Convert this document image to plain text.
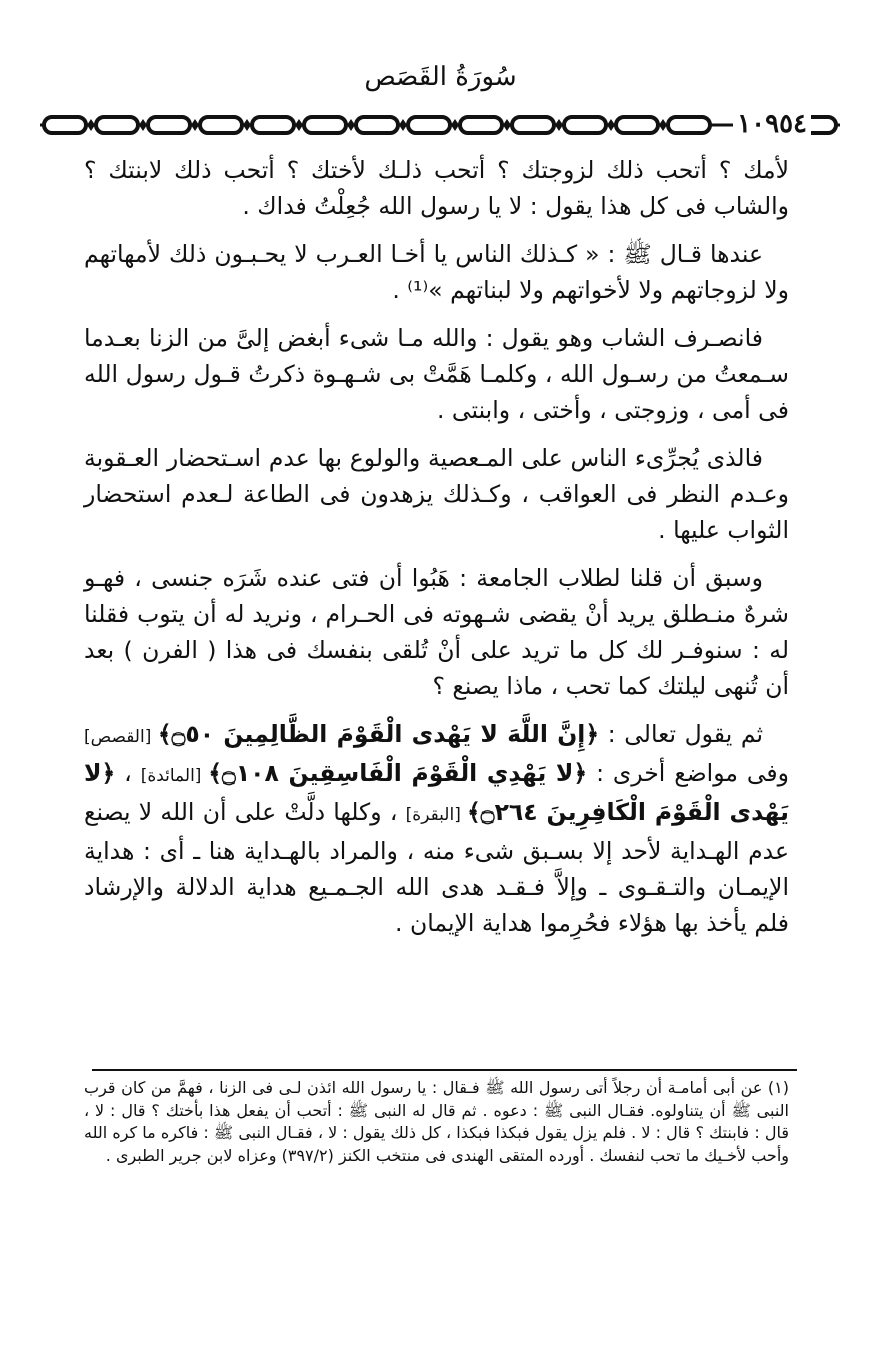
سُورَةُ القَصَص
١٠٩٥٤

لأمك ؟ أتحب ذلك لزوجتك ؟ أتحب ذلـك لأختك ؟ أتحب ذلك لابنتك ؟ والشاب فى كل هذا يقول : لا يا رسول الله جُعِلْتُ فداك .

عندها قـال ﷺ : « كـذلك الناس يا أخـا العـرب لا يحـبـون ذلك لأمهاتهم ولا لزوجاتهم ولا لأخواتهم ولا لبناتهم »⁽¹⁾ .

فانصـرف الشاب وهو يقول : والله مـا شىء أبغض إلىَّ من الزنا بعـدما سـمعتُ من رسـول الله ، وكلمـا هَمَّتْ بى شـهـوة ذكرتُ قـول رسول الله فى أمى ، وزوجتى ، وأختى ، وابنتى .

فالذى يُجرِّىء الناس على المـعصية والولوع بها عدم اسـتحضار العـقوبة وعـدم النظر فى العواقب ، وكـذلك يزهدون فى الطاعة لـعدم استحضار الثواب عليها .

وسبق أن قلنا لطلاب الجامعة : هَبُوا أن فتى عنده شَرَه جنسى ، فهـو شرهٌ منـطلق يريد أنْ يقضى شـهوته فى الحـرام ، ونريد له أن يتوب فقلنا له : سنوفـر لك كل ما تريد على أنْ تُلقى بنفسك فى هذا ( الفرن ) بعد أن تُنهى ليلتك كما تحب ، ماذا يصنع ؟

ثم يقول تعالى : ﴿إِنَّ اللَّهَ لا يَهْدى الْقَوْمَ الظَّالِمِينَ ۝٥٠﴾ [القصص] وفى مواضع أخرى : ﴿لا يَهْدِي الْقَوْمَ الْفَاسِقِينَ ۝١٠٨﴾ [المائدة] ، ﴿لا يَهْدى الْقَوْمَ الْكَافِرِينَ ۝٢٦٤﴾ [البقرة] ، وكلها دلَّتْ على أن الله لا يصنع عدم الهـداية لأحد إلا بسـبق شىء منه ، والمراد بالهـداية هنا ـ أى : هداية الإيمـان والتـقـوى ـ وإلاَّ فـقـد هدى الله الجـمـيع هداية الدلالة والإرشاد فلم يأخذ بها هؤلاء فحُرِموا هداية الإيمان .

(١) عن أبى أمامـة أن رجلاً أتى رسول الله ﷺ فـقال : يا رسول الله ائذن لـى فى الزنا ، فهمَّ من كان قرب النبى ﷺ أن يتناولوه. فقـال النبى ﷺ : دعوه . ثم قال له النبى ﷺ : أتحب أن يفعل هذا بأختك ؟ قال : لا ، قال : فابنتك ؟ قال : لا . فلم يزل يقول فبكذا فبكذا ، كل ذلك يقول : لا ، فقـال النبى ﷺ : فاكره ما كره الله وأحب لأخـيك ما تحب لنفسك . أورده المتقى الهندى فى منتخب الكنز (٣٩٧/٢) وعزاه لابن جرير الطبرى .
